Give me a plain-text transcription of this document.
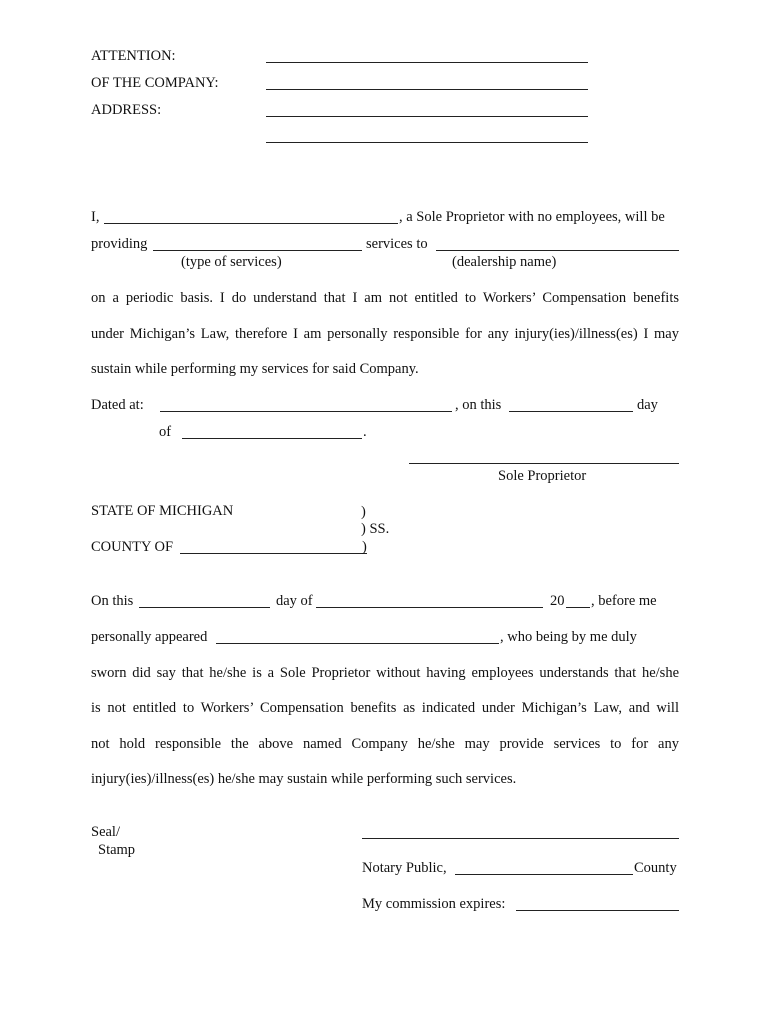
ATTENTION:
OF THE COMPANY:
ADDRESS:
I,	, a Sole Proprietor with no employees, will be
providing	services to
(type of services)	(dealership name)
on a periodic basis. I do understand that I am not entitled to Workers’ Compensation benefits
under Michigan’s Law, therefore I am personally responsible for any injury(ies)/illness(es) I may
sustain while performing my services for said Company.
Dated at:	, on this	day
of	.
Sole Proprietor
STATE OF MICHIGAN	)
) SS.
COUNTY OF	)
On this	day of	20 , before me
personally appeared	, who being by me duly
sworn did say that he/she is a Sole Proprietor without having employees understands that he/she
is not entitled to Workers’ Compensation benefits as indicated under Michigan’s Law, and will
not hold responsible the above named Company he/she may provide services to for any
injury(ies)/illness(es) he/she may sustain while performing such services.
Seal/
Stamp
Notary Public,	County
My commission expires:
